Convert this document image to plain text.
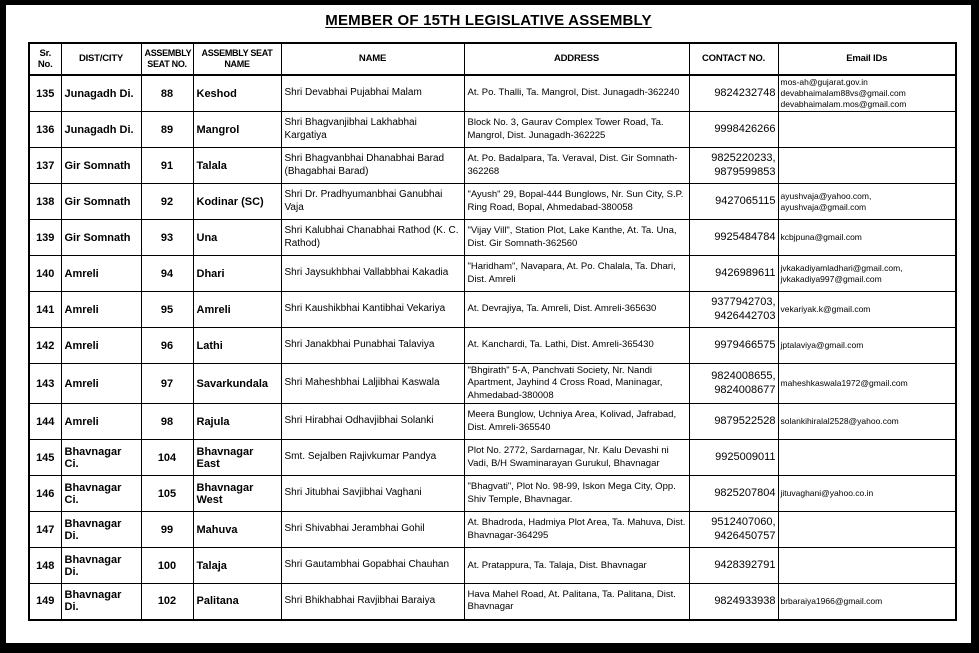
MEMBER OF 15TH LEGISLATIVE ASSEMBLY
Sr. No.	DIST/CITY	ASSEMBLY SEAT NO.	ASSEMBLY SEAT NAME	NAME	ADDRESS	CONTACT NO.	Email IDs
135	Junagadh Di.	88	Keshod	Shri Devabhai Pujabhai Malam	At. Po. Thalli, Ta. Mangrol, Dist. Junagadh-362240	9824232748	mos-ah@gujarat.gov.in
devabhaimalam88vs@gmail.com
devabhaimalam.mos@gmail.com

136	Junagadh Di.	89	Mangrol	Shri Bhagvanjibhai Lakhabhai Kargatiya	Block No. 3, Gaurav Complex Tower Road, Ta. Mangrol, Dist. Junagadh-362225	9998426266	

137	Gir Somnath	91	Talala	Shri Bhagvanbhai Dhanabhai Barad (Bhagabhai Barad)	At. Po. Badalpara, Ta. Veraval, Dist. Gir Somnath-362268	9825220233,
9879599853	

138	Gir Somnath	92	Kodinar (SC)	Shri Dr. Pradhyumanbhai Ganubhai Vaja	"Ayush" 29, Bopal-444 Bunglows, Nr. Sun City, S.P. Ring Road, Bopal, Ahmedabad-380058	9427065115	ayushvaja@yahoo.com, ayushvaja@gmail.com

139	Gir Somnath	93	Una	Shri Kalubhai Chanabhai Rathod (K. C. Rathod)	"Vijay Vill", Station Plot, Lake Kanthe, At. Ta. Una, Dist. Gir Somnath-362560	9925484784	kcbjpuna@gmail.com

140	Amreli	94	Dhari	Shri Jaysukhbhai Vallabbhai Kakadia	"Haridham", Navapara, At. Po. Chalala, Ta. Dhari, Dist. Amreli	9426989611	jvkakadiyamladhari@gmail.com,
jvkakadiya997@gmail.com

141	Amreli	95	Amreli	Shri Kaushikbhai Kantibhai Vekariya	At. Devrajiya, Ta. Amreli, Dist. Amreli-365630	9377942703,
9426442703	vekariyak.k@gmail.com

142	Amreli	96	Lathi	Shri Janakbhai Punabhai Talaviya	At. Kanchardi, Ta. Lathi, Dist. Amreli-365430	9979466575	jptalaviya@gmail.com

143	Amreli	97	Savarkundala	Shri Maheshbhai Laljibhai Kaswala	"Bhgirath" 5-A, Panchvati Society, Nr. Nandi Apartment, Jayhind 4 Cross Road, Maninagar, Ahmedabad-380008	9824008655,
9824008677	maheshkaswala1972@gmail.com

144	Amreli	98	Rajula	Shri Hirabhai Odhavjibhai Solanki	Meera Bunglow, Uchniya Area, Kolivad, Jafrabad, Dist. Amreli-365540	9879522528	solankihiralal2528@yahoo.com

145	Bhavnagar Ci.	104	Bhavnagar East	Smt. Sejalben Rajivkumar Pandya	Plot No. 2772, Sardarnagar, Nr. Kalu Devashi ni Vadi, B/H Swaminarayan Gurukul, Bhavnagar	9925009011	

146	Bhavnagar Ci.	105	Bhavnagar West	Shri Jitubhai Savjibhai Vaghani	"Bhagvati", Plot No. 98-99, Iskon Mega City, Opp. Shiv Temple, Bhavnagar.	9825207804	jituvaghani@yahoo.co.in

147	Bhavnagar Di.	99	Mahuva	Shri Shivabhai Jerambhai Gohil	At. Bhadroda, Hadmiya Plot Area, Ta. Mahuva, Dist. Bhavnagar-364295	9512407060,
9426450757	

148	Bhavnagar Di.	100	Talaja	Shri Gautambhai Gopabhai Chauhan	At. Pratappura, Ta. Talaja, Dist. Bhavnagar	9428392791	

149	Bhavnagar Di.	102	Palitana	Shri Bhikhabhai Ravjibhai Baraiya	Hava Mahel Road, At. Palitana, Ta. Palitana, Dist. Bhavnagar	9824933938	brbaraiya1966@gmail.com
